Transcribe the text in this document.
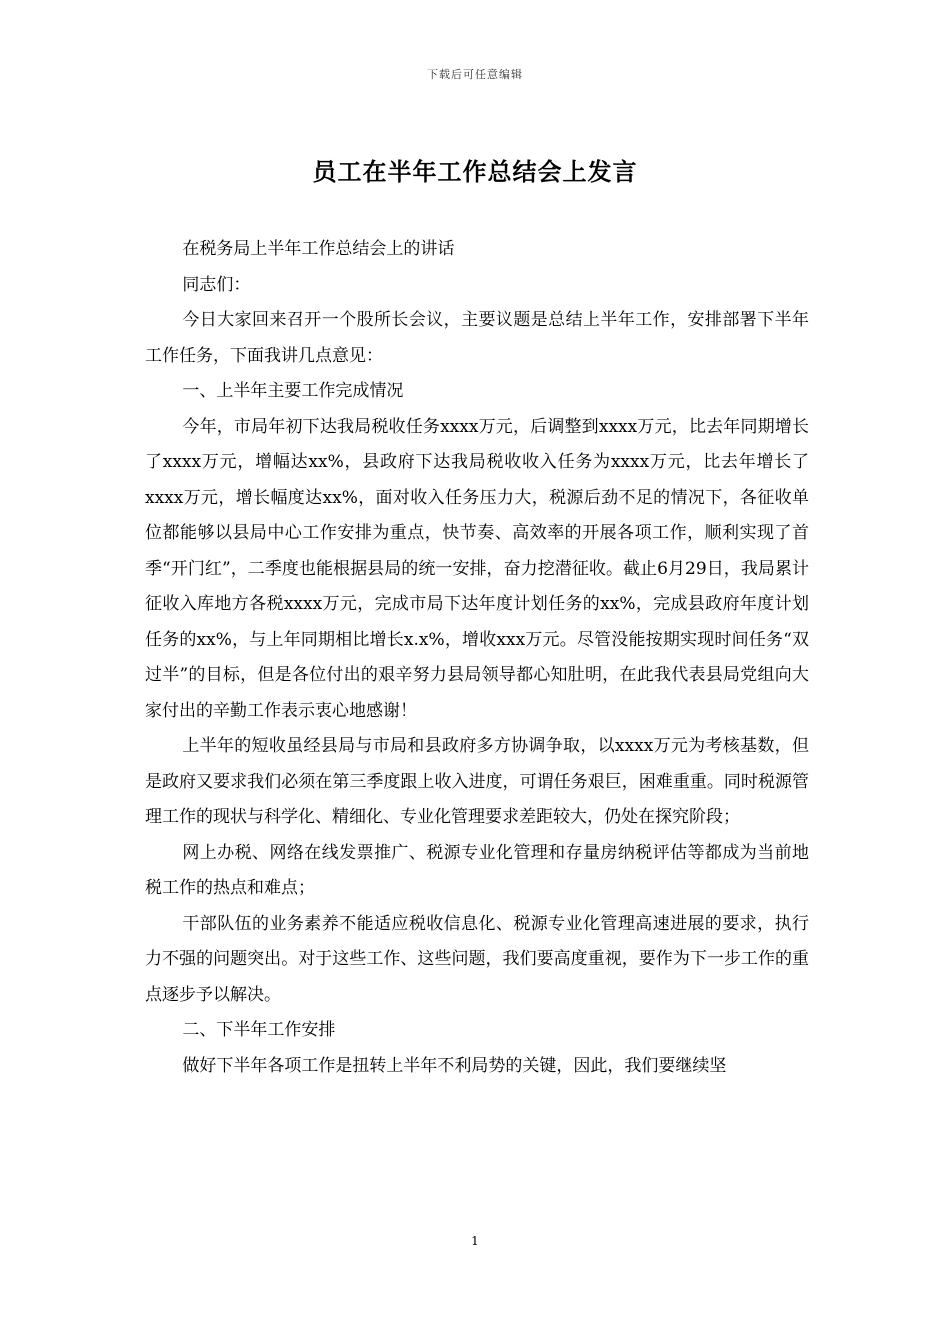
下载后可任意编辑
员工在半年工作总结会上发言

在税务局上半年工作总结会上的讲话

同志们：

今日大家回来召开一个股所长会议，主要议题是总结上半年工作，安排部署下半年工作任务，下面我讲几点意见：

一、上半年主要工作完成情况

今年，市局年初下达我局税收任务xxxx万元，后调整到xxxx万元，比去年同期增长了xxxx万元，增幅达xx%，县政府下达我局税收收入任务为xxxx万元，比去年增长了xxxx万元，增长幅度达xx%，面对收入任务压力大，税源后劲不足的情况下，各征收单位都能够以县局中心工作安排为重点，快节奏、高效率的开展各项工作，顺利实现了首季“开门红”，二季度也能根据县局的统一安排，奋力挖潜征收。截止6月29日，我局累计征收入库地方各税xxxx万元，完成市局下达年度计划任务的xx%，完成县政府年度计划任务的xx%，与上年同期相比增长x.x%，增收xxx万元。尽管没能按期实现时间任务“双过半”的目标，但是各位付出的艰辛努力县局领导都心知肚明，在此我代表县局党组向大家付出的辛勤工作表示衷心地感谢！

上半年的短收虽经县局与市局和县政府多方协调争取，以xxxx万元为考核基数，但是政府又要求我们必须在第三季度跟上收入进度，可谓任务艰巨，困难重重。同时税源管理工作的现状与科学化、精细化、专业化管理要求差距较大，仍处在探究阶段；

网上办税、网络在线发票推广、税源专业化管理和存量房纳税评估等都成为当前地税工作的热点和难点；

干部队伍的业务素养不能适应税收信息化、税源专业化管理高速进展的要求，执行力不强的问题突出。对于这些工作、这些问题，我们要高度重视，要作为下一步工作的重点逐步予以解决。

二、下半年工作安排

做好下半年各项工作是扭转上半年不利局势的关键，因此，我们要继续坚

1
